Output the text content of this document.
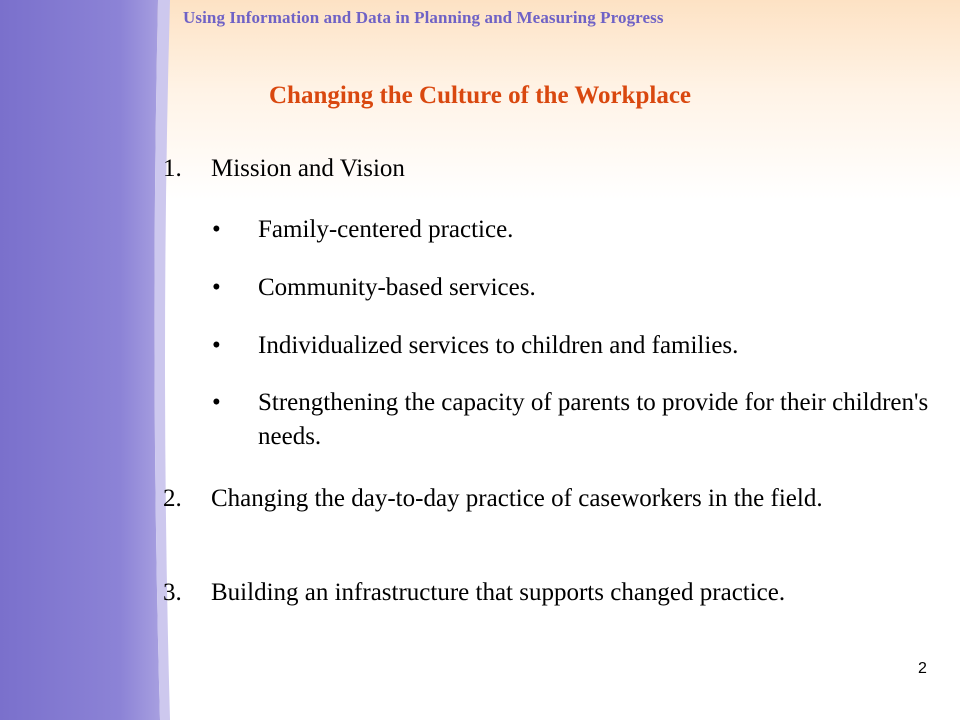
Using Information and Data in Planning and Measuring Progress
Changing the Culture of the Workplace
1. Mission and Vision
• Family-centered practice.
• Community-based services.
• Individualized services to children and families.
• Strengthening the capacity of parents to provide for their children's needs.
2. Changing the day-to-day practice of caseworkers in the field.
3. Building an infrastructure that supports changed practice.
2
